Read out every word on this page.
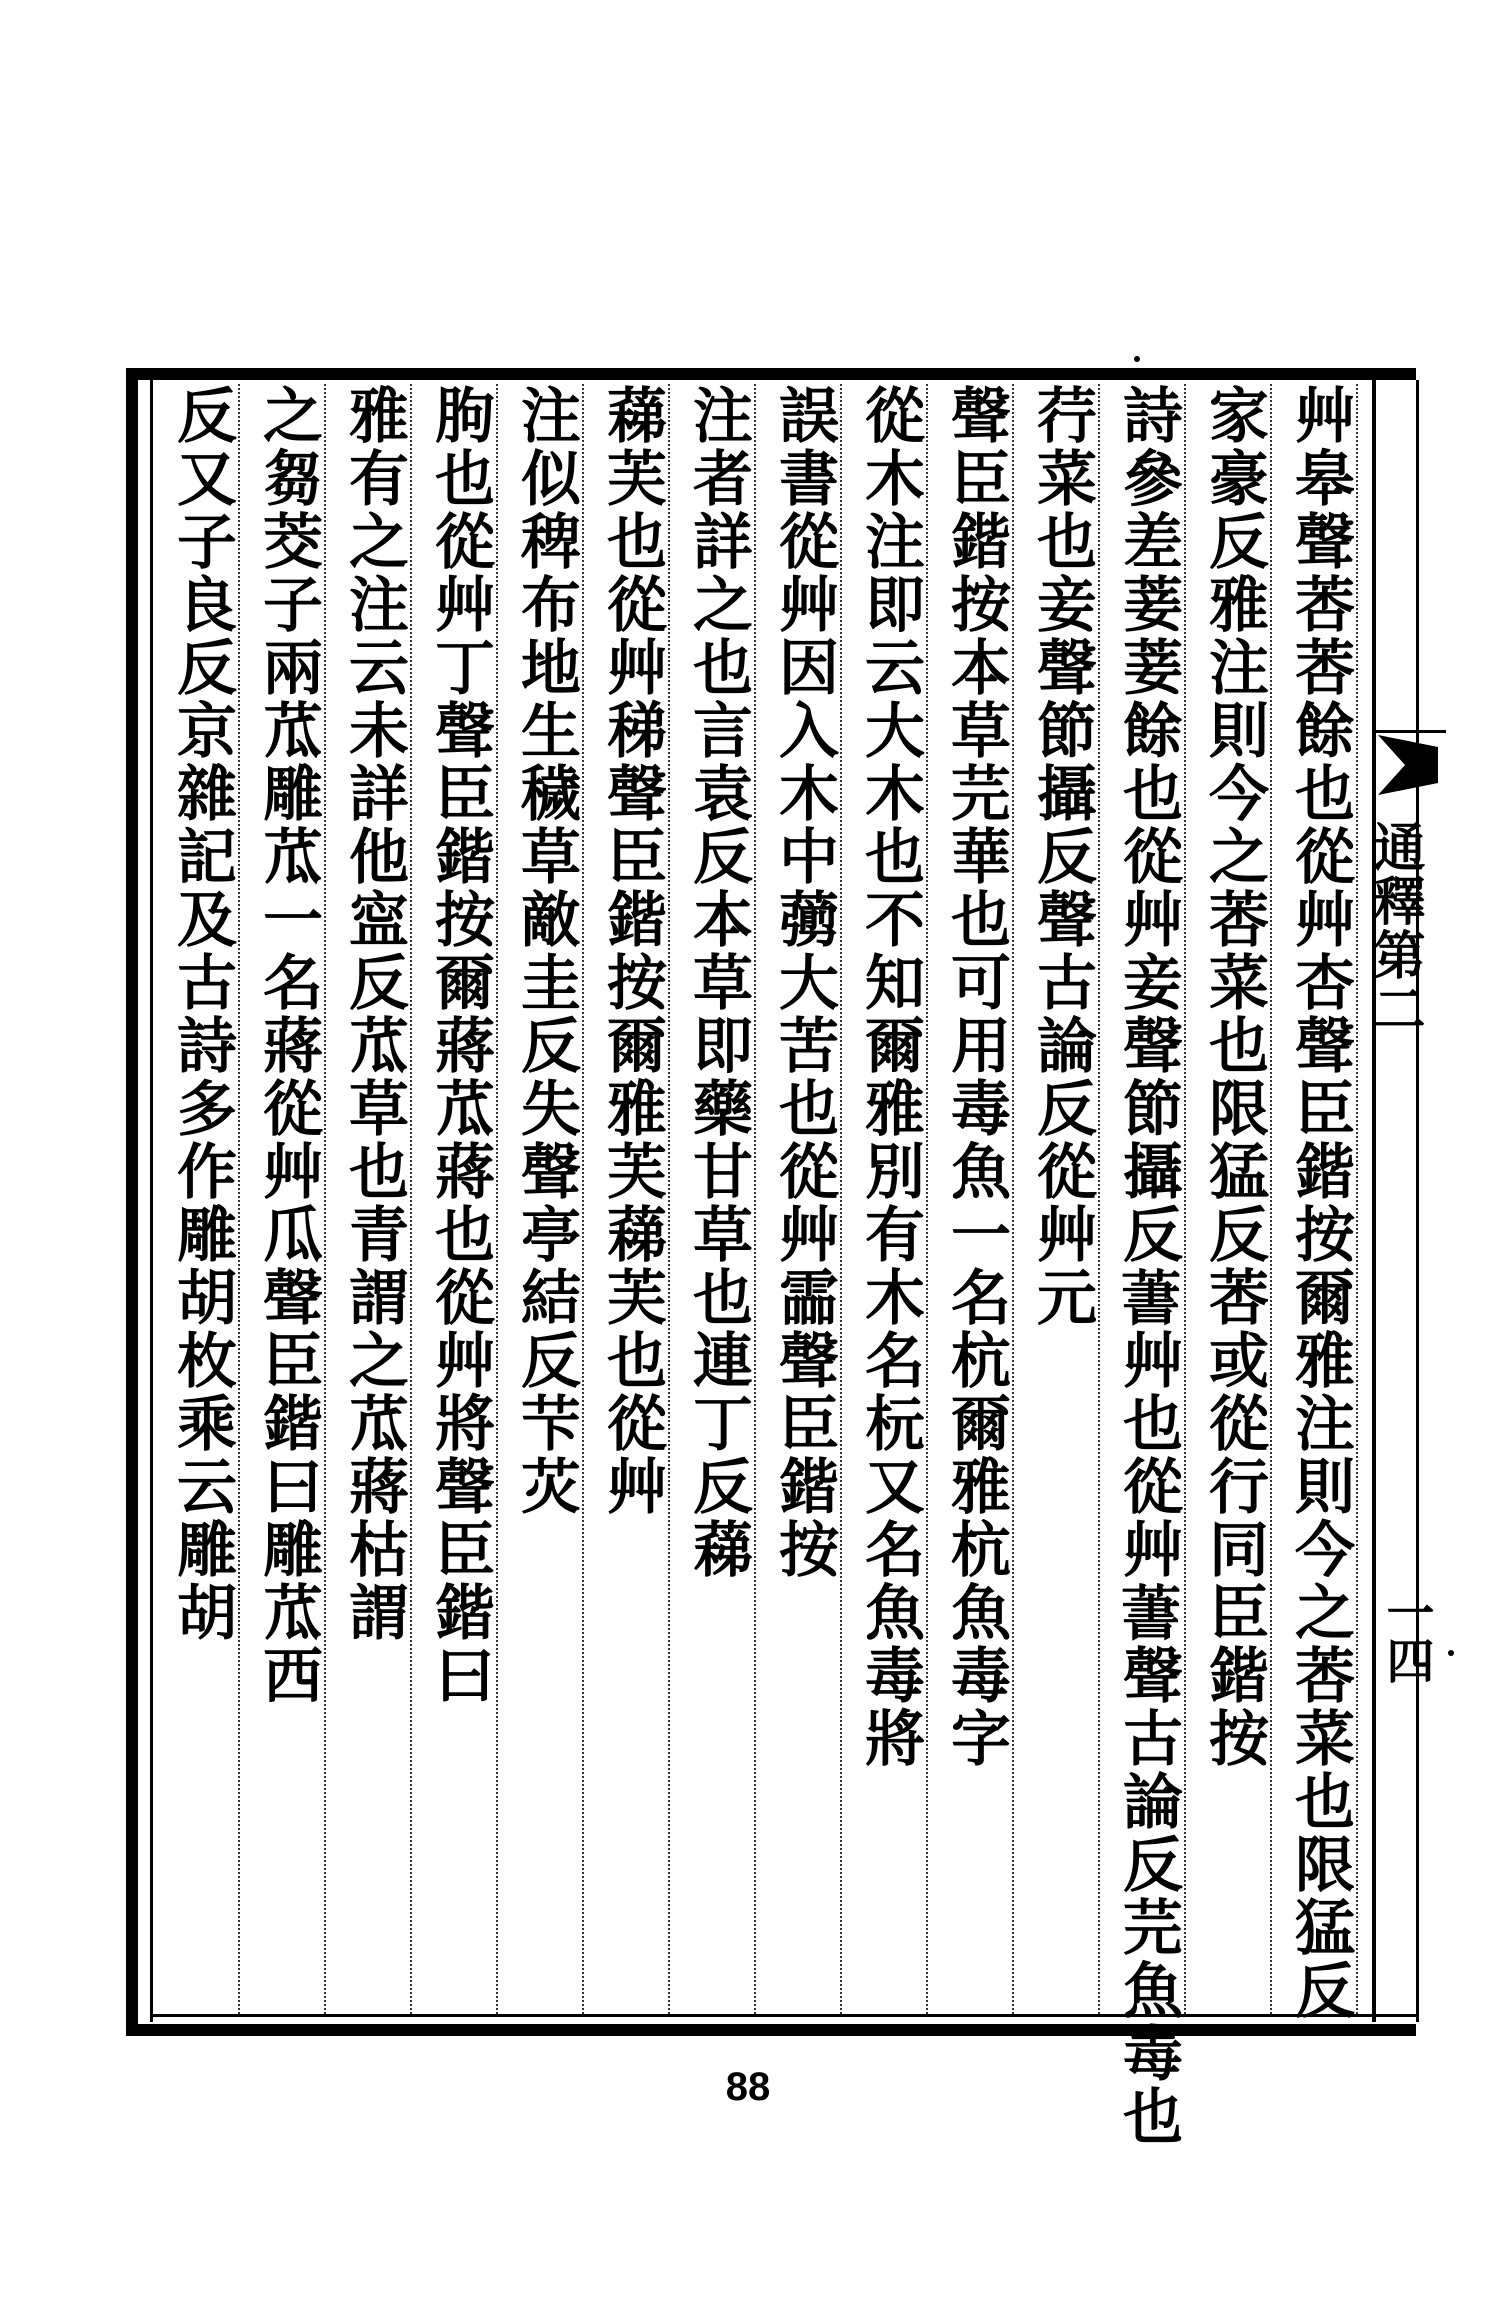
通釋第二
一四
艸皋聲莕莕餘也從艸杏聲臣鍇按爾雅注則今之莕菜也限猛反
家豪反雅注則今之莕菜也限猛反莕或從行同臣鍇按
詩參差菨菨餘也從艸妾聲節攝反𦶕艸也從艸𦶕聲古論反芫魚毒也
荇菜也妾聲節攝反聲古論反從艸元
聲臣鍇按本草芫華也可用毒魚一名杭爾雅杭魚毒字
從木注即云大木也不知爾雅別有木名杬又名魚毒將
誤書從艸因入木中𦿶大苦也從艸霝聲臣鍇按
注者詳之也言袁反本草即藥甘草也連丁反蕛
蕛芙也從艸稊聲臣鍇按爾雅芙蕛芙也從艸
注似稗布地生穢草敵圭反失聲亭結反芐苂
朐也從艸丁聲臣鍇按爾蔣苽蔣也從艸將聲臣鍇曰
雅有之注云未詳他寍反苽草也青謂之苽蔣枯謂
之芻茭子兩苽雕苽一名蔣從艸瓜聲臣鍇曰雕苽西
反又子良反京雜記及古詩多作雕胡枚乘云雕胡
88
